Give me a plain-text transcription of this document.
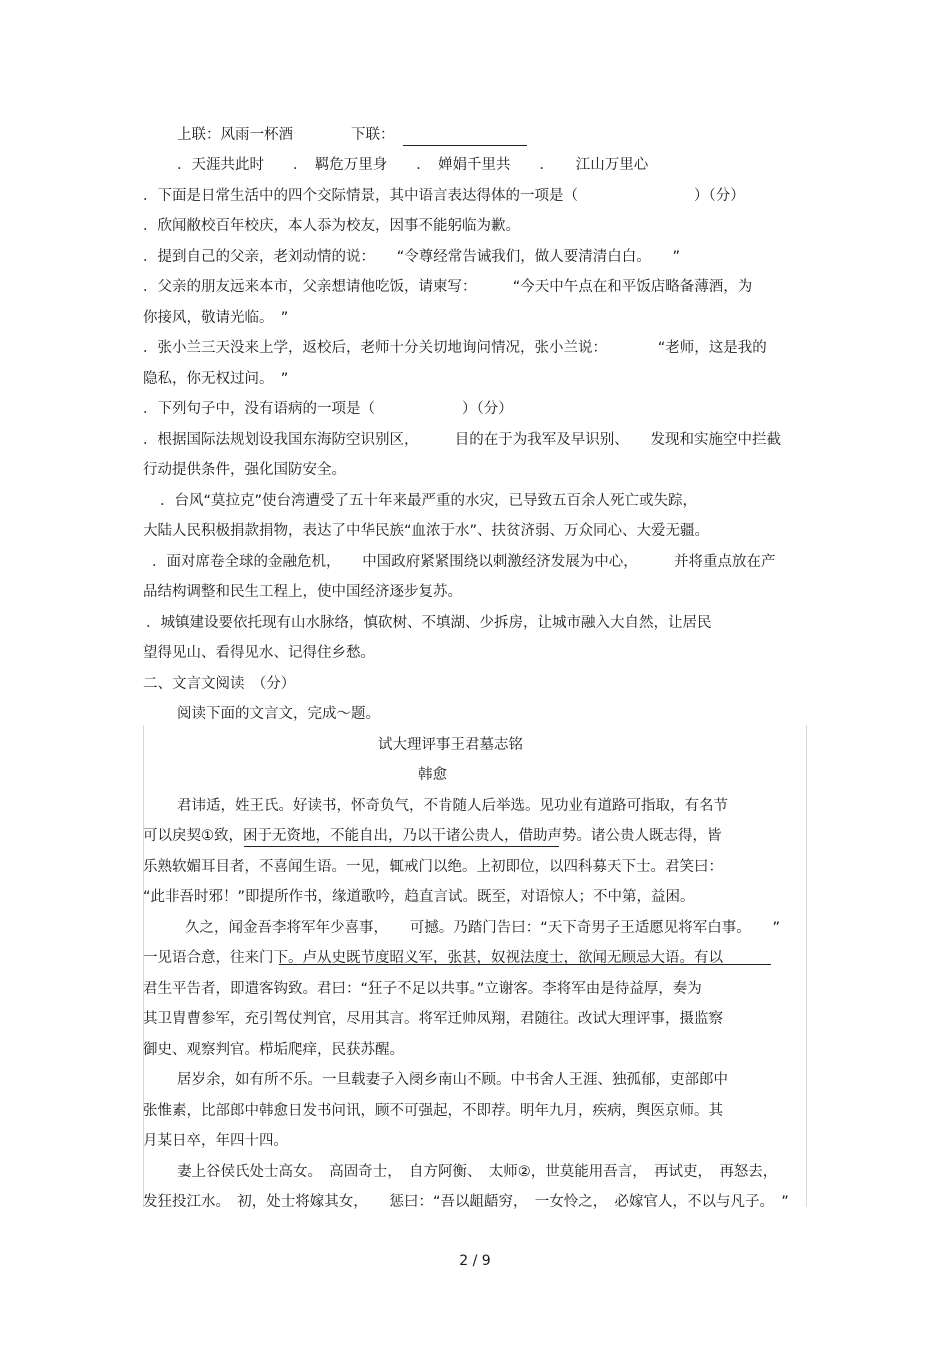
上联：风雨一杯酒　　　　下联：
．天涯共此时　　．　羁危万里身　　．　婵娟千里共　　．　　江山万里心
．下面是日常生活中的四个交际情景，其中语言表达得体的一项是（　　　　　　　　）（分）
．欣闻敝校百年校庆，本人忝为校友，因事不能躬临为歉。
．提到自己的父亲，老刘动情的说：　　“令尊经常告诫我们，做人要清清白白。　　”
．父亲的朋友远来本市，父亲想请他吃饭，请柬写：　　　“今天中午点在和平饭店略备薄酒，为
你接风，敬请光临。　”
．张小兰三天没来上学，返校后，老师十分关切地询问情况，张小兰说：　　　　“老师，这是我的
隐私，你无权过问。　”
．下列句子中，没有语病的一项是（　　　　　　）（分）
．根据国际法规划设我国东海防空识别区，　　　目的在于为我军及早识别、　　发现和实施空中拦截
行动提供条件，强化国防安全。
．台风“莫拉克”使台湾遭受了五十年来最严重的水灾，已导致五百余人死亡或失踪，
大陆人民积极捐款捐物，表达了中华民族“血浓于水”、扶贫济弱、万众同心、大爱无疆。
．面对席卷全球的金融危机，　　中国政府紧紧围绕以刺激经济发展为中心，　　　并将重点放在产
品结构调整和民生工程上，使中国经济逐步复苏。
．城镇建设要依托现有山水脉络，慎砍树、不填湖、少拆房，让城市融入大自然，让居民
望得见山、看得见水、记得住乡愁。
二、文言文阅读　（分）
阅读下面的文言文，完成～题。
试大理评事王君墓志铭
韩愈
君讳适，姓王氏。好读书，怀奇负气，不肯随人后举选。见功业有道路可指取，有名节
可以戾契①致，困于无资地，不能自出，乃以干诸公贵人，借助声势。诸公贵人既志得，皆
乐熟软媚耳目者，不喜闻生语。一见，辄戒门以绝。上初即位，以四科募天下士。君笑曰：
“此非吾时邪！”即提所作书，缘道歌吟，趋直言试。既至，对语惊人；不中第，益困。
久之，闻金吾李将军年少喜事，　　可撼。乃踏门告曰：“天下奇男子王适愿见将军白事。　　”
一见语合意，往来门下。卢从史既节度昭义军，张甚，奴视法度士，欲闻无顾忌大语。有以
君生平告者，即遣客钩致。君曰：“狂子不足以共事。”立谢客。李将军由是待益厚，奏为
其卫胄曹参军，充引驾仗判官，尽用其言。将军迁帅凤翔，君随往。改试大理评事，摄监察
御史、观察判官。栉垢爬痒，民获苏醒。
居岁余，如有所不乐。一旦载妻子入阌乡南山不顾。中书舍人王涯、独孤郁，吏部郎中
张惟素，比部郎中韩愈日发书问讯，顾不可强起，不即荐。明年九月，疾病，舆医京师。其
月某日卒，年四十四。
妻上谷侯氏处士高女。　高固奇士，　自方阿衡、　太师②，世莫能用吾言，　再试吏，　再怒去，
发狂投江水。　初，处士将嫁其女，　　惩曰：“吾以龃龉穷，　一女怜之，　必嫁官人，不以与凡子。　”
2 / 9
